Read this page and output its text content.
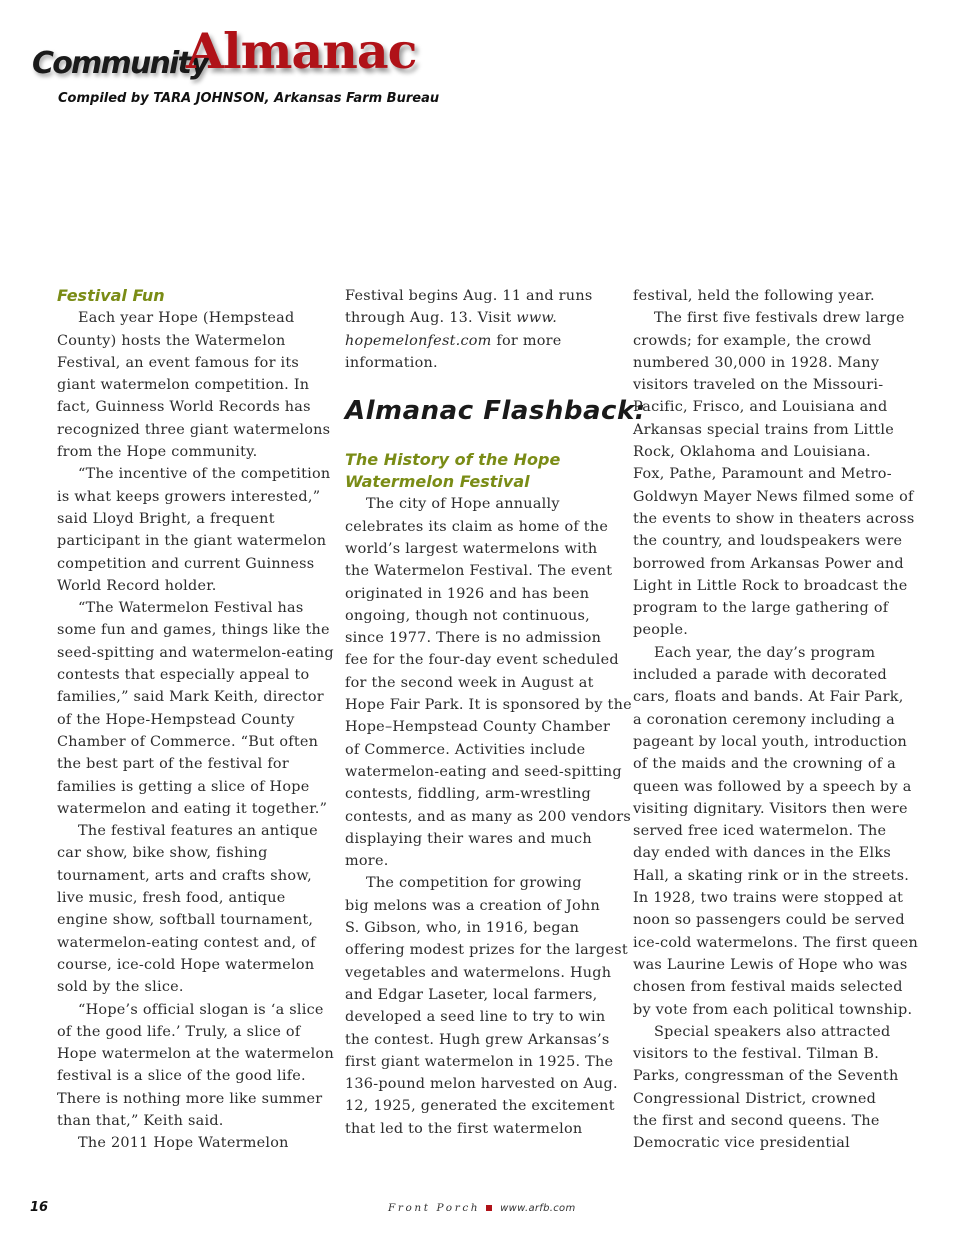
Community
Almanac
Compiled by TARA JOHNSON, Arkansas Farm Bureau
Festival Fun

Each year Hope (Hempstead

County) hosts the Watermelon

Festival, an event famous for its

giant watermelon competition. In

fact, Guinness World Records has

recognized three giant watermelons

from the Hope community.

“The incentive of the competition

is what keeps growers interested,”

said Lloyd Bright, a frequent

participant in the giant watermelon

competition and current Guinness

World Record holder.

“The Watermelon Festival has

some fun and games, things like the

seed-spitting and watermelon-eating

contests that especially appeal to

families,” said Mark Keith, director

of the Hope-Hempstead County

Chamber of Commerce. “But often

the best part of the festival for

families is getting a slice of Hope

watermelon and eating it together.”

The festival features an antique

car show, bike show, fishing

tournament, arts and crafts show,

live music, fresh food, antique

engine show, softball tournament,

watermelon-eating contest and, of

course, ice-cold Hope watermelon

sold by the slice.

“Hope’s official slogan is ‘a slice

of the good life.’ Truly, a slice of

Hope watermelon at the watermelon

festival is a slice of the good life.

There is nothing more like summer

than that,” Keith said.

The 2011 Hope Watermelon

Festival begins Aug. 11 and runs

through Aug. 13. Visit www.

hopemelonfest.com for more

information.

Almanac Flashback:

The History of the Hope
Watermelon Festival

The city of Hope annually

celebrates its claim as home of the

world’s largest watermelons with

the Watermelon Festival. The event

originated in 1926 and has been

ongoing, though not continuous,

since 1977. There is no admission

fee for the four-day event scheduled

for the second week in August at

Hope Fair Park. It is sponsored by the

Hope–Hempstead County Chamber

of Commerce. Activities include

watermelon-eating and seed-spitting

contests, fiddling, arm-wrestling

contests, and as many as 200 vendors

displaying their wares and much

more.

The competition for growing

big melons was a creation of John

S. Gibson, who, in 1916, began

offering modest prizes for the largest

vegetables and watermelons. Hugh

and Edgar Laseter, local farmers,

developed a seed line to try to win

the contest. Hugh grew Arkansas’s

first giant watermelon in 1925. The

136-pound melon harvested on Aug.

12, 1925, generated the excitement

that led to the first watermelon

festival, held the following year.

The first five festivals drew large

crowds; for example, the crowd

numbered 30,000 in 1928. Many

visitors traveled on the Missouri-

Pacific, Frisco, and Louisiana and

Arkansas special trains from Little

Rock, Oklahoma and Louisiana.

Fox, Pathe, Paramount and Metro-

Goldwyn Mayer News filmed some of

the events to show in theaters across

the country, and loudspeakers were

borrowed from Arkansas Power and

Light in Little Rock to broadcast the

program to the large gathering of

people.

Each year, the day’s program

included a parade with decorated

cars, floats and bands. At Fair Park,

a coronation ceremony including a

pageant by local youth, introduction

of the maids and the crowning of a

queen was followed by a speech by a

visiting dignitary. Visitors then were

served free iced watermelon. The

day ended with dances in the Elks

Hall, a skating rink or in the streets.

In 1928, two trains were stopped at

noon so passengers could be served

ice-cold watermelons. The first queen

was Laurine Lewis of Hope who was

chosen from festival maids selected

by vote from each political township.

Special speakers also attracted

visitors to the festival. Tilman B.

Parks, congressman of the Seventh

Congressional District, crowned

the first and second queens. The

Democratic vice presidential

16	Front Porch www.arfb.com
